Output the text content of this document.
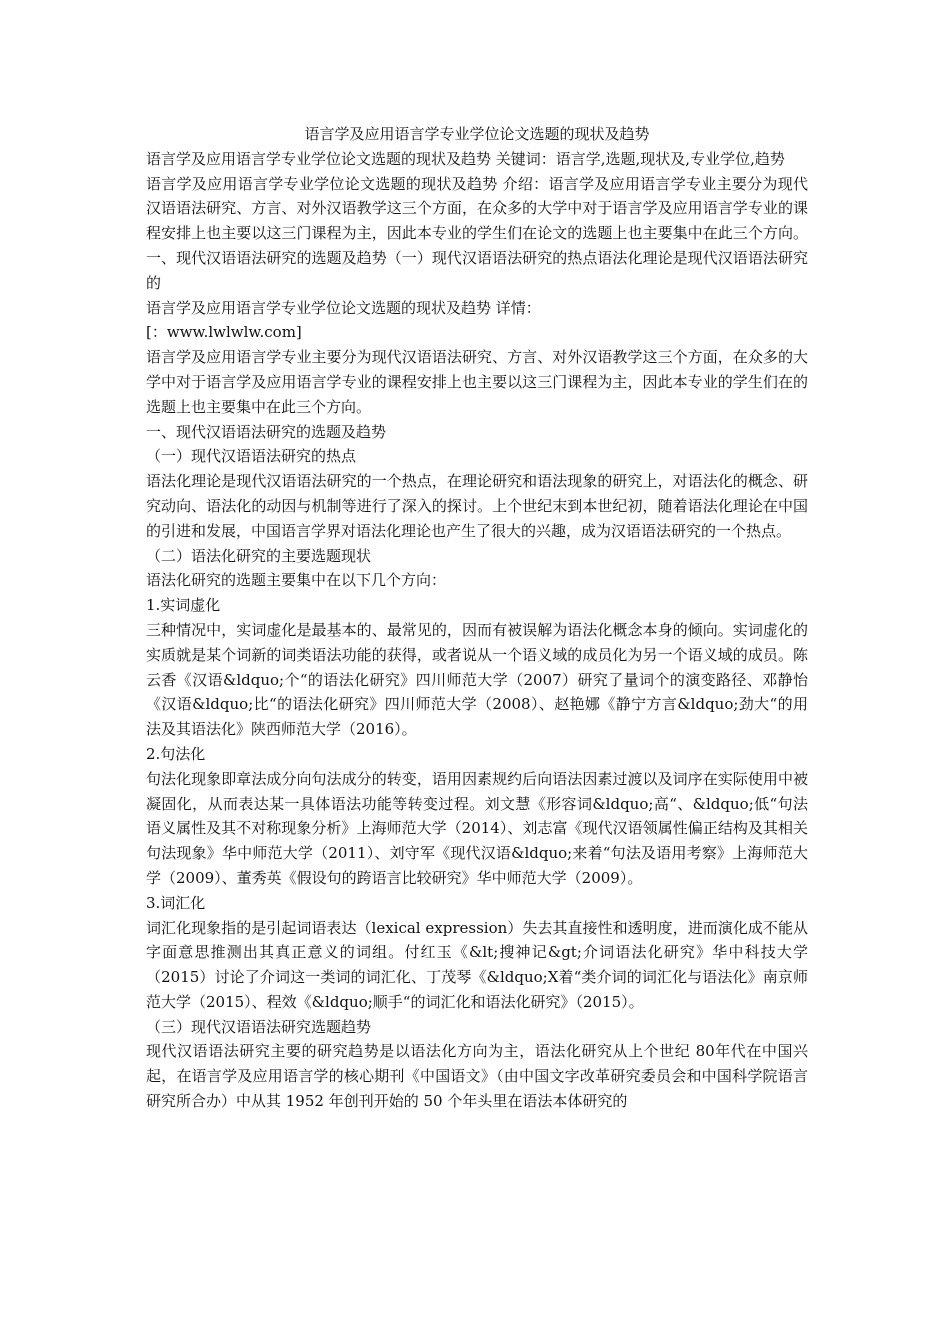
语言学及应用语言学专业学位论文选题的现状及趋势

语言学及应用语言学专业学位论文选题的现状及趋势 关键词：语言学,选题,现状及,专业学位,趋势

语言学及应用语言学专业学位论文选题的现状及趋势 介绍：语言学及应用语言学专业主要分为现代汉语语法研究、方言、对外汉语教学这三个方面，在众多的大学中对于语言学及应用语言学专业的课程安排上也主要以这三门课程为主，因此本专业的学生们在论文的选题上也主要集中在此三个方向。一、现代汉语语法研究的选题及趋势（一）现代汉语语法研究的热点语法化理论是现代汉语语法研究的

语言学及应用语言学专业学位论文选题的现状及趋势 详情：

[：www.lwlwlw.com]

语言学及应用语言学专业主要分为现代汉语语法研究、方言、对外汉语教学这三个方面，在众多的大学中对于语言学及应用语言学专业的课程安排上也主要以这三门课程为主，因此本专业的学生们在的选题上也主要集中在此三个方向。

一、现代汉语语法研究的选题及趋势

（一）现代汉语语法研究的热点

语法化理论是现代汉语语法研究的一个热点，在理论研究和语法现象的研究上，对语法化的概念、研究动向、语法化的动因与机制等进行了深入的探讨。上个世纪末到本世纪初，随着语法化理论在中国的引进和发展，中国语言学界对语法化理论也产生了很大的兴趣，成为汉语语法研究的一个热点。

（二）语法化研究的主要选题现状

语法化研究的选题主要集中在以下几个方向：

1.实词虚化

三种情况中，实词虚化是最基本的、最常见的，因而有被误解为语法化概念本身的倾向。实词虚化的实质就是某个词新的词类语法功能的获得，或者说从一个语义域的成员化为另一个语义域的成员。陈云香《汉语&ldquo;个“的语法化研究》四川师范大学（2007）研究了量词个的演变路径、邓静怡《汉语&ldquo;比“的语法化研究》四川师范大学（2008）、赵艳娜《静宁方言&ldquo;劲大“的用法及其语法化》陕西师范大学（2016）。

2.句法化

句法化现象即章法成分向句法成分的转变，语用因素规约后向语法因素过渡以及词序在实际使用中被凝固化，从而表达某一具体语法功能等转变过程。刘文慧《形容词&ldquo;高“、&ldquo;低“句法语义属性及其不对称现象分析》上海师范大学（2014）、刘志富《现代汉语领属性偏正结构及其相关句法现象》华中师范大学（2011）、刘守军《现代汉语&ldquo;来着“句法及语用考察》上海师范大学（2009）、董秀英《假设句的跨语言比较研究》华中师范大学（2009）。

3.词汇化

词汇化现象指的是引起词语表达（lexical expression）失去其直接性和透明度，进而演化成不能从字面意思推测出其真正意义的词组。付红玉《&lt;搜神记&gt;介词语法化研究》华中科技大学（2015）讨论了介词这一类词的词汇化、丁茂琴《&ldquo;X着“类介词的词汇化与语法化》南京师范大学（2015）、程效《&ldquo;顺手“的词汇化和语法化研究》（2015）。

（三）现代汉语语法研究选题趋势

现代汉语语法研究主要的研究趋势是以语法化方向为主，语法化研究从上个世纪 80年代在中国兴起，在语言学及应用语言学的核心期刊《中国语文》（由中国文字改革研究委员会和中国科学院语言研究所合办）中从其 1952 年创刊开始的 50 个年头里在语法本体研究的
